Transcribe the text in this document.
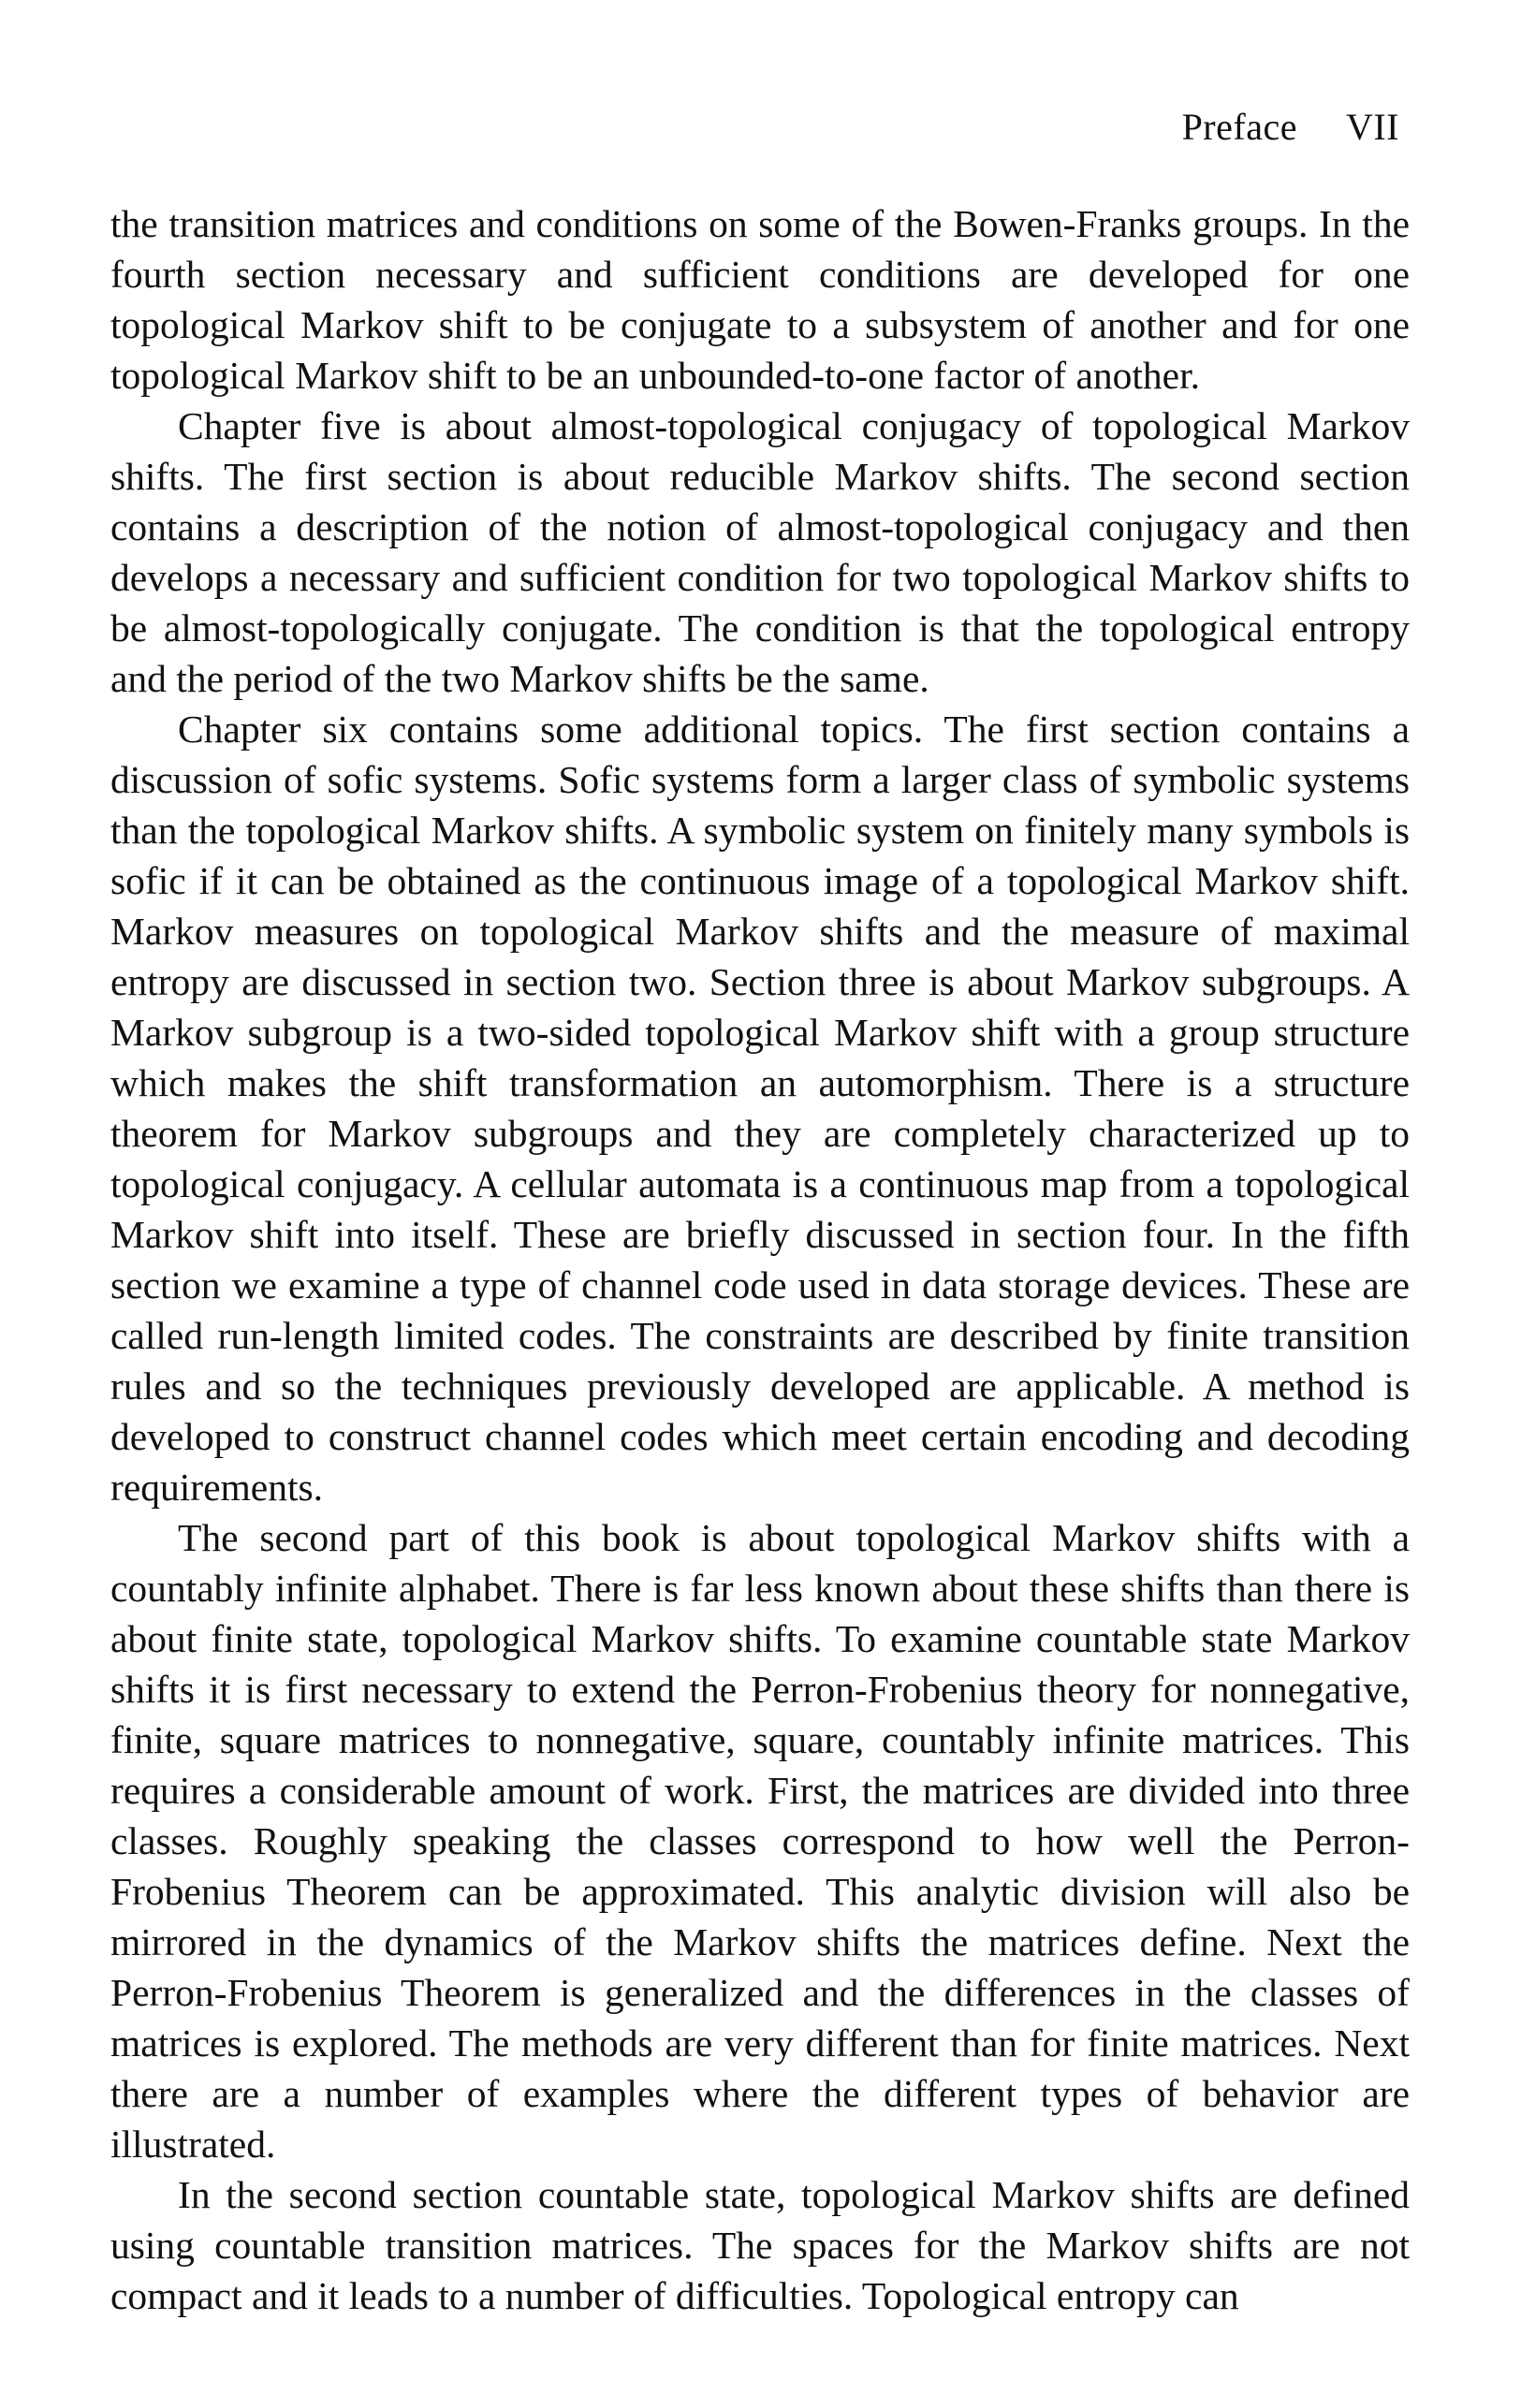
Preface VII

the transition matrices and conditions on some of the Bowen-Franks groups. In the fourth section necessary and sufficient conditions are developed for one topological Markov shift to be conjugate to a subsystem of another and for one topological Markov shift to be an unbounded-to-one factor of another.

Chapter five is about almost-topological conjugacy of topological Markov shifts. The first section is about reducible Markov shifts. The second section contains a description of the notion of almost-topological conjugacy and then develops a necessary and sufficient condition for two topological Markov shifts to be almost-topologically conjugate. The condition is that the topological entropy and the period of the two Markov shifts be the same.

Chapter six contains some additional topics. The first section contains a discussion of sofic systems. Sofic systems form a larger class of symbolic systems than the topological Markov shifts. A symbolic system on finitely many symbols is sofic if it can be obtained as the continuous image of a topological Markov shift. Markov measures on topological Markov shifts and the measure of maximal entropy are discussed in section two. Section three is about Markov subgroups. A Markov subgroup is a two-sided topological Markov shift with a group structure which makes the shift transformation an automorphism. There is a structure theorem for Markov subgroups and they are completely characterized up to topological conjugacy. A cellular automata is a continuous map from a topological Markov shift into itself. These are briefly discussed in section four. In the fifth section we examine a type of channel code used in data storage devices. These are called run-length limited codes. The constraints are described by finite transition rules and so the techniques previously developed are applicable. A method is developed to construct channel codes which meet certain encoding and decoding requirements.

The second part of this book is about topological Markov shifts with a countably infinite alphabet. There is far less known about these shifts than there is about finite state, topological Markov shifts. To examine countable state Markov shifts it is first necessary to extend the Perron-Frobenius theory for nonnegative, finite, square matrices to nonnegative, square, countably infinite matrices. This requires a considerable amount of work. First, the matrices are divided into three classes. Roughly speaking the classes correspond to how well the Perron- Frobenius Theorem can be approximated. This analytic division will also be mirrored in the dynamics of the Markov shifts the matrices define. Next the Perron-Frobenius Theorem is generalized and the differences in the classes of matrices is explored. The methods are very different than for finite matrices. Next there are a number of examples where the different types of behavior are illustrated.

In the second section countable state, topological Markov shifts are defined using countable transition matrices. The spaces for the Markov shifts are not compact and it leads to a number of difficulties. Topological entropy can
